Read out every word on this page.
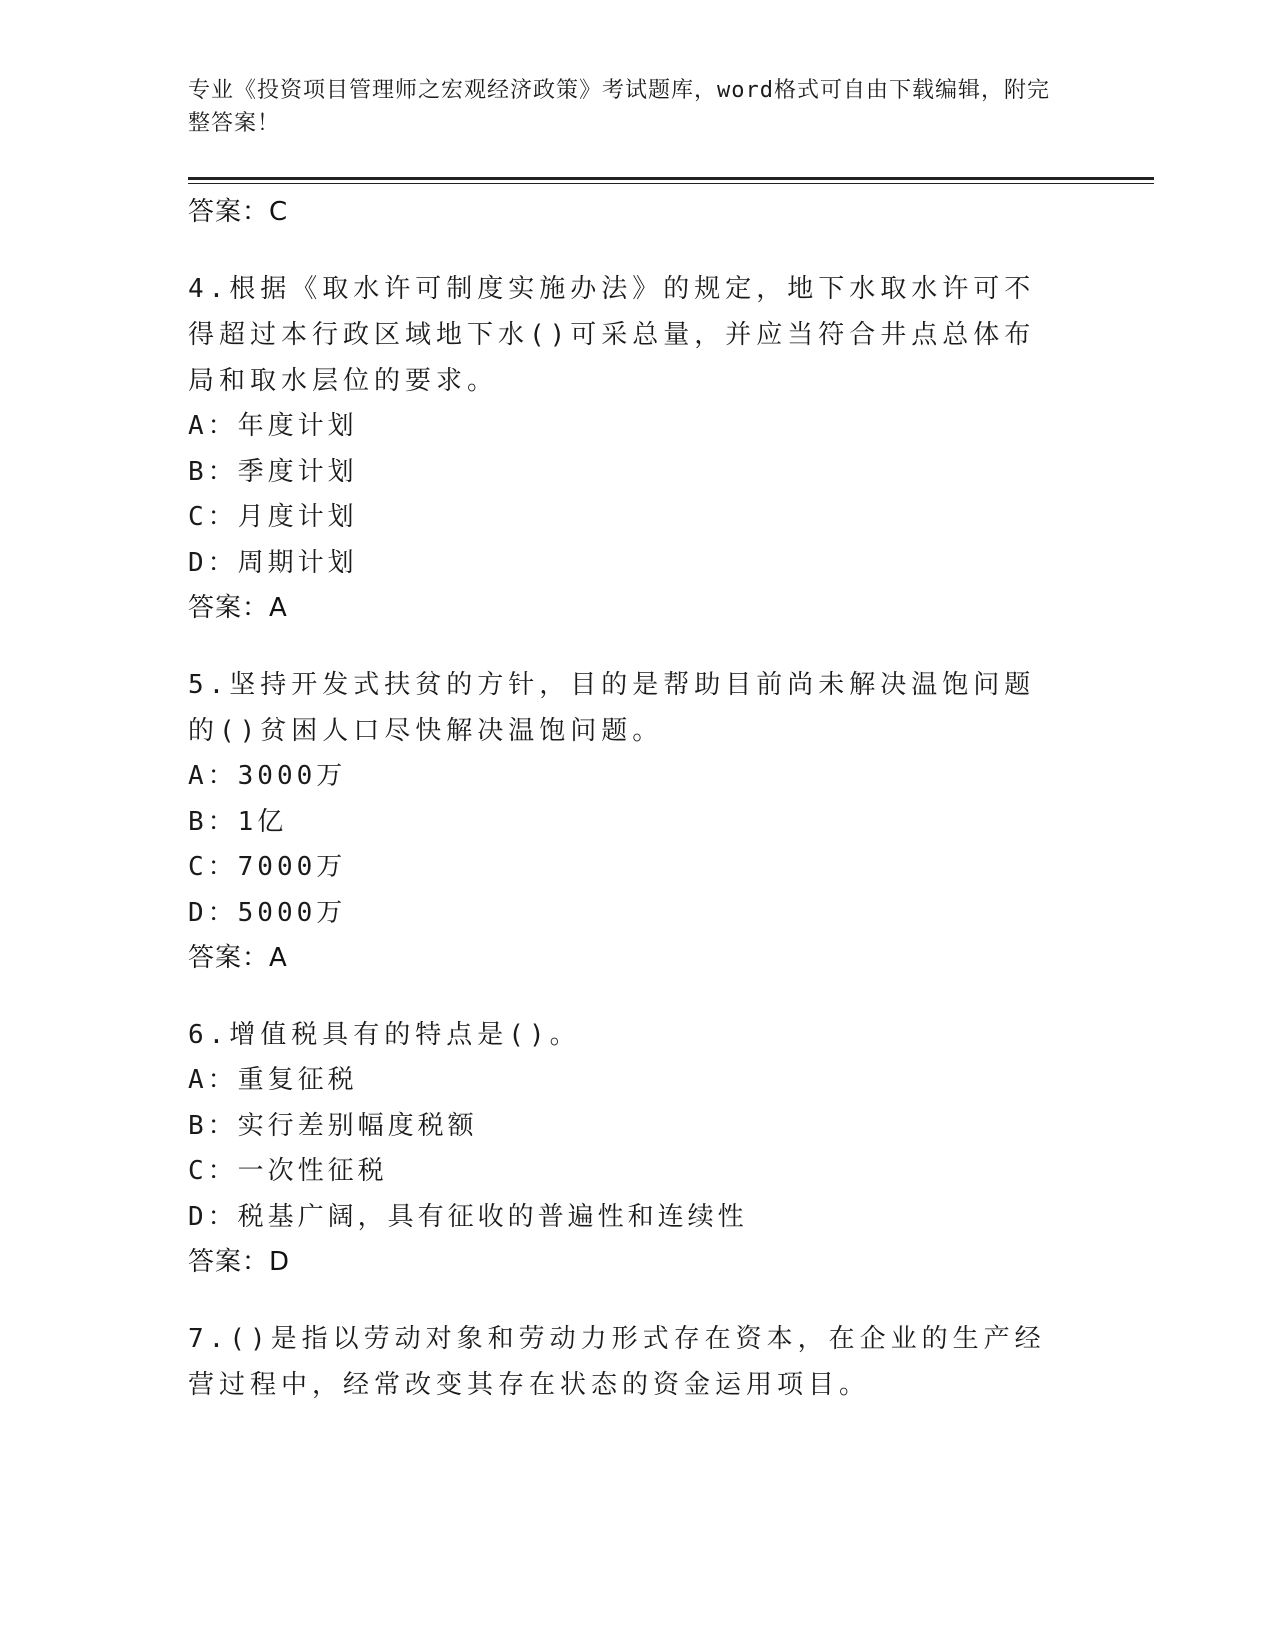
专业《投资项目管理师之宏观经济政策》考试题库，word格式可自由下载编辑，附完整答案！
答案：C
4.根据《取水许可制度实施办法》的规定，地下水取水许可不得超过本行政区域地下水()可采总量，并应当符合井点总体布局和取水层位的要求。
A：年度计划
B：季度计划
C：月度计划
D：周期计划
答案：A
5.坚持开发式扶贫的方针，目的是帮助目前尚未解决温饱问题的()贫困人口尽快解决温饱问题。
A：3000万
B：1亿
C：7000万
D：5000万
答案：A
6.增值税具有的特点是()。
A：重复征税
B：实行差别幅度税额
C：一次性征税
D：税基广阔，具有征收的普遍性和连续性
答案：D
7.()是指以劳动对象和劳动力形式存在资本，在企业的生产经营过程中，经常改变其存在状态的资金运用项目。
